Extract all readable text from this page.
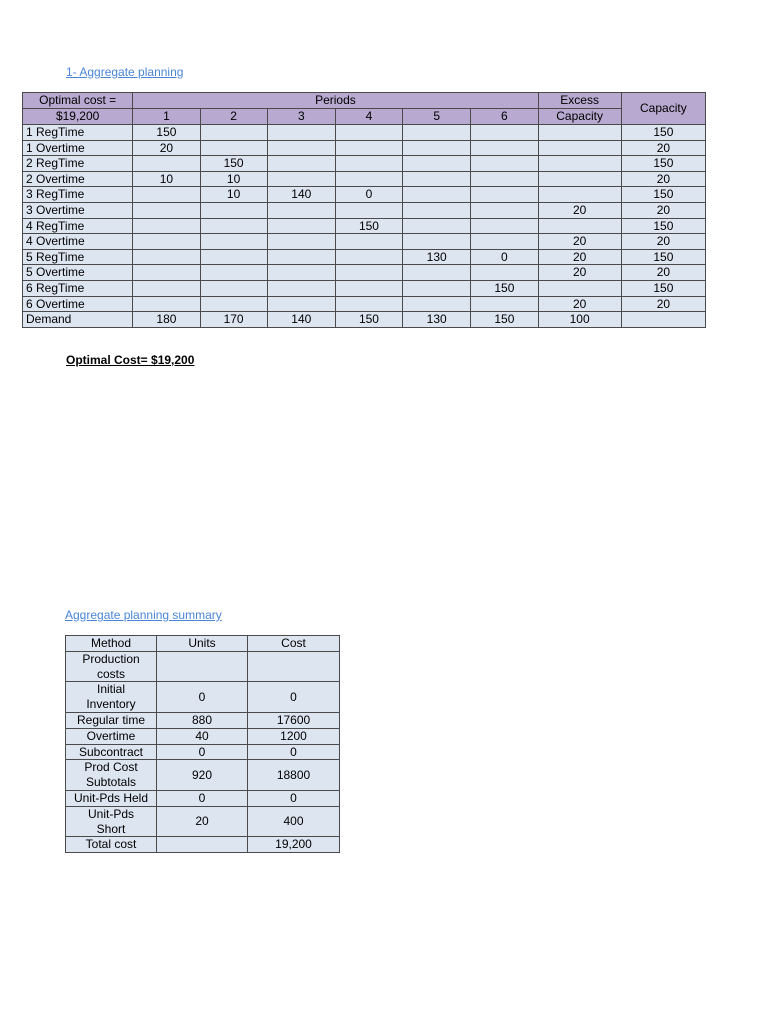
1- Aggregate planning
Optimal cost =	Periods						Excess	Capacity
$19,200	1	2	3	4	5	6	Capacity	
1 RegTime	150							150
1 Overtime	20							20
2 RegTime		150						150
2 Overtime	10	10						20
3 RegTime		10	140	0				150
3 Overtime							20	20
4 RegTime				150				150
4 Overtime							20	20
5 RegTime					130	0	20	150
5 Overtime							20	20
6 RegTime						150		150
6 Overtime							20	20
Demand	180	170	140	150	130	150	100	
Optimal Cost= $19,200
Aggregate planning summary
Method	Units	Cost

Production
costs		

Initial
Inventory	0	0

Regular time	880	17600

Overtime	40	1200

Subcontract	0	0

Prod Cost
Subtotals	920	18800

Unit-Pds Held	0	0

Unit-Pds
Short	20	400

Total cost		19,200
